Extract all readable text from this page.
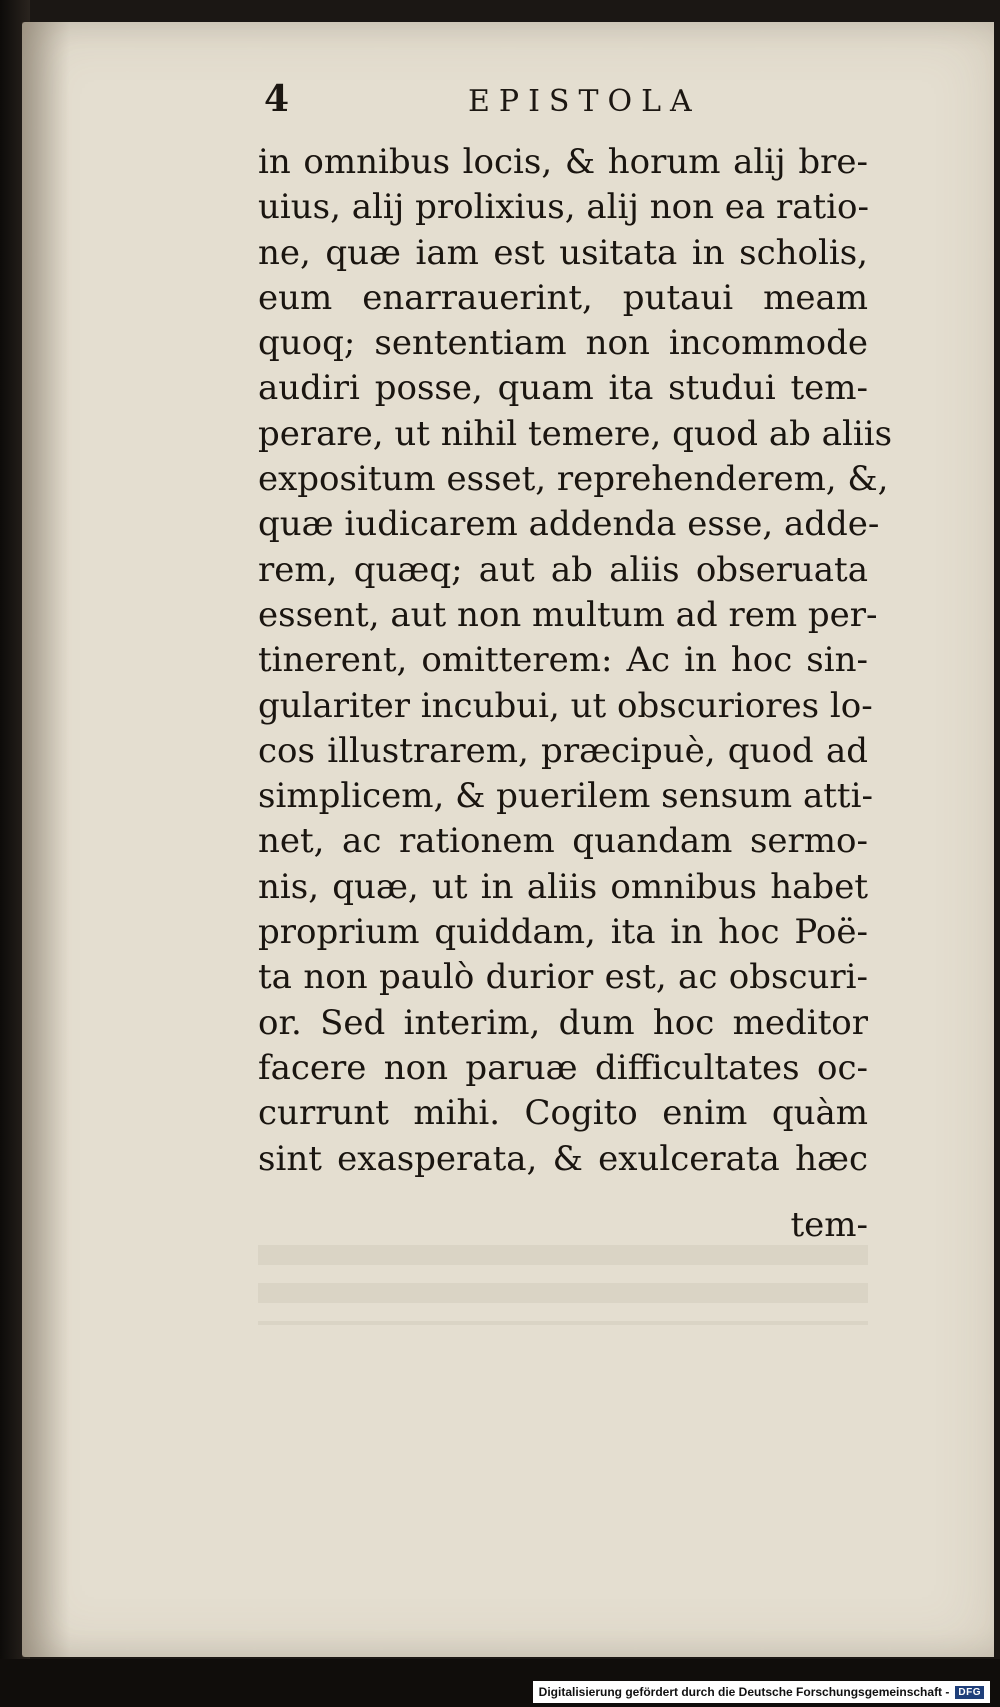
4	EPISTOLA
in omnibus locis, & horum alij bre-
uius, alij prolixius, alij non ea ratio-
ne, quæ iam est usitata in scholis,
eum enarrauerint, putaui meam
quoq; sententiam non incommode
audiri posse, quam ita studui tem-
perare, ut nihil temere, quod ab aliis
expositum esset, reprehenderem, &,
quæ iudicarem addenda esse, adde-
rem, quæq; aut ab aliis obseruata
essent, aut non multum ad rem per-
tinerent, omitterem: Ac in hoc sin-
gulariter incubui, ut obscuriores lo-
cos illustrarem, præcipuè, quod ad
simplicem, & puerilem sensum atti-
net, ac rationem quandam sermo-
nis, quæ, ut in aliis omnibus habet
proprium quiddam, ita in hoc Poë-
ta non paulò durior est, ac obscuri-
or. Sed interim, dum hoc meditor
facere non paruæ difficultates oc-
currunt mihi. Cogito enim quàm
sint exasperata, & exulcerata hæc
tem-
Digitalisierung gefördert durch die Deutsche Forschungsgemeinschaft - DFG
